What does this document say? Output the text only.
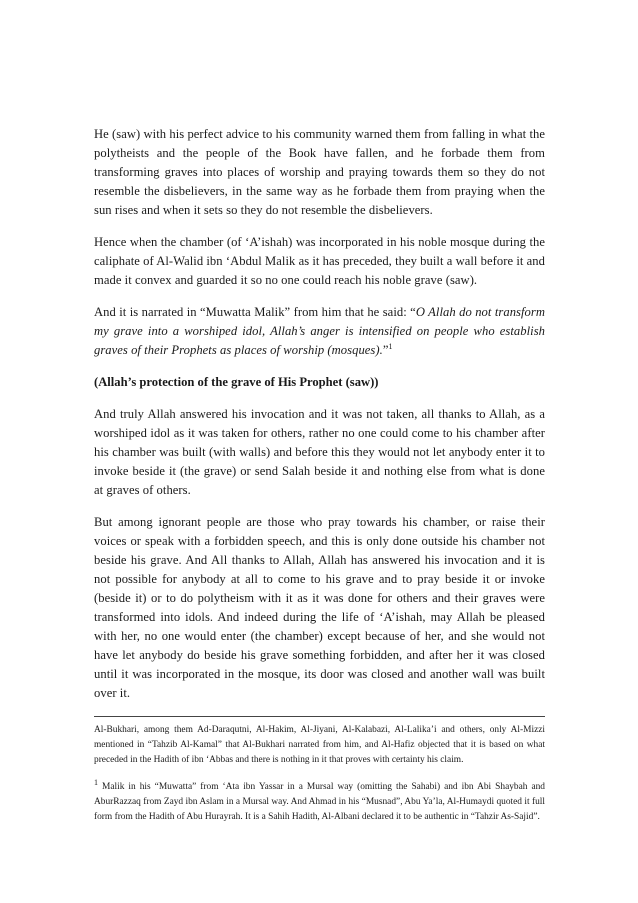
He (saw) with his perfect advice to his community warned them from falling in what the polytheists and the people of the Book have fallen, and he forbade them from transforming graves into places of worship and praying towards them so they do not resemble the disbelievers, in the same way as he forbade them from praying when the sun rises and when it sets so they do not resemble the disbelievers.

Hence when the chamber (of ‘A’ishah) was incorporated in his noble mosque during the caliphate of Al-Walid ibn ‘Abdul Malik as it has preceded, they built a wall before it and made it convex and guarded it so no one could reach his noble grave (saw).

And it is narrated in “Muwatta Malik” from him that he said: “O Allah do not transform my grave into a worshiped idol, Allah’s anger is intensified on people who establish graves of their Prophets as places of worship (mosques).”$^1$

(Allah’s protection of the grave of His Prophet (saw))

And truly Allah answered his invocation and it was not taken, all thanks to Allah, as a worshiped idol as it was taken for others, rather no one could come to his chamber after his chamber was built (with walls) and before this they would not let anybody enter it to invoke beside it (the grave) or send Salah beside it and nothing else from what is done at graves of others.

But among ignorant people are those who pray towards his chamber, or raise their voices or speak with a forbidden speech, and this is only done outside his chamber not beside his grave. And All thanks to Allah, Allah has answered his invocation and it is not possible for anybody at all to come to his grave and to pray beside it or invoke (beside it) or to do polytheism with it as it was done for others and their graves were transformed into idols. And indeed during the life of ‘A’ishah, may Allah be pleased with her, no one would enter (the chamber) except because of her, and she would not have let anybody do beside his grave something forbidden, and after her it was closed until it was incorporated in the mosque, its door was closed and another wall was built over it.

Al-Bukhari, among them Ad-Daraqutni, Al-Hakim, Al-Jiyani, Al-Kalabazi, Al-Lalika’i and others, only Al-Mizzi mentioned in “Tahzib Al-Kamal” that Al-Bukhari narrated from him, and Al-Hafiz objected that it is based on what preceded in the Hadith of ibn ‘Abbas and there is nothing in it that proves with certainty his claim.

$^1$ Malik in his “Muwatta” from ‘Ata ibn Yassar in a Mursal way (omitting the Sahabi) and ibn Abi Shaybah and AburRazzaq from Zayd ibn Aslam in a Mursal way. And Ahmad in his “Musnad”, Abu Ya’la, Al-Humaydi quoted it full form from the Hadith of Abu Hurayrah. It is a Sahih Hadith, Al-Albani declared it to be authentic in “Tahzir As-Sajid”.
